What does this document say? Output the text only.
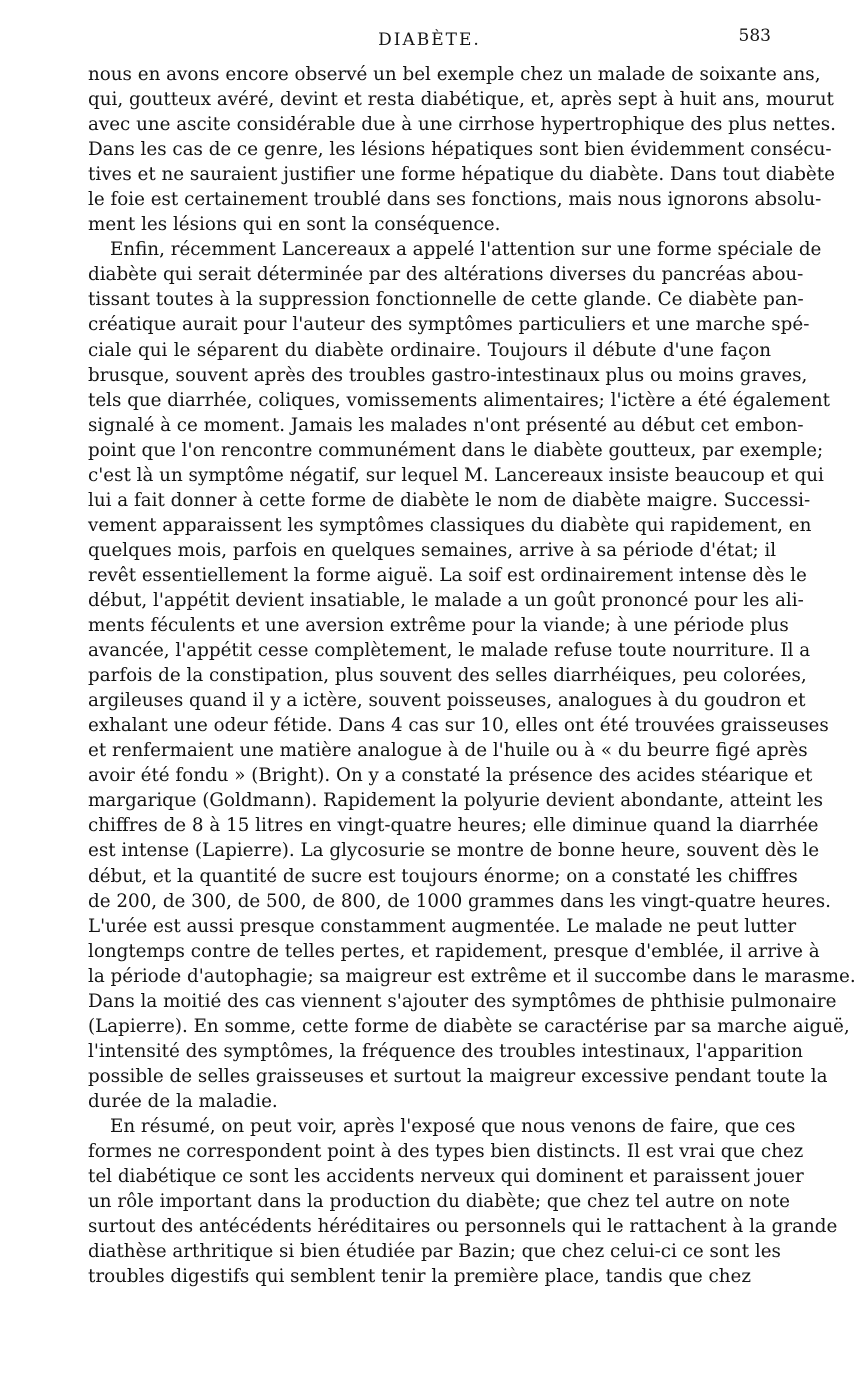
DIABÈTE.	583
nous en avons encore observé un bel exemple chez un malade de soixante ans,
qui, goutteux avéré, devint et resta diabétique, et, après sept à huit ans, mourut
avec une ascite considérable due à une cirrhose hypertrophique des plus nettes.
Dans les cas de ce genre, les lésions hépatiques sont bien évidemment consécu-
tives et ne sauraient justifier une forme hépatique du diabète. Dans tout diabète
le foie est certainement troublé dans ses fonctions, mais nous ignorons absolu-
ment les lésions qui en sont la conséquence.
Enfin, récemment Lancereaux a appelé l'attention sur une forme spéciale de
diabète qui serait déterminée par des altérations diverses du pancréas abou-
tissant toutes à la suppression fonctionnelle de cette glande. Ce diabète pan-
créatique aurait pour l'auteur des symptômes particuliers et une marche spé-
ciale qui le séparent du diabète ordinaire. Toujours il débute d'une façon
brusque, souvent après des troubles gastro-intestinaux plus ou moins graves,
tels que diarrhée, coliques, vomissements alimentaires; l'ictère a été également
signalé à ce moment. Jamais les malades n'ont présenté au début cet embon-
point que l'on rencontre communément dans le diabète goutteux, par exemple;
c'est là un symptôme négatif, sur lequel M. Lancereaux insiste beaucoup et qui
lui a fait donner à cette forme de diabète le nom de diabète maigre. Successi-
vement apparaissent les symptômes classiques du diabète qui rapidement, en
quelques mois, parfois en quelques semaines, arrive à sa période d'état; il
revêt essentiellement la forme aiguë. La soif est ordinairement intense dès le
début, l'appétit devient insatiable, le malade a un goût prononcé pour les ali-
ments féculents et une aversion extrême pour la viande; à une période plus
avancée, l'appétit cesse complètement, le malade refuse toute nourriture. Il a
parfois de la constipation, plus souvent des selles diarrhéiques, peu colorées,
argileuses quand il y a ictère, souvent poisseuses, analogues à du goudron et
exhalant une odeur fétide. Dans 4 cas sur 10, elles ont été trouvées graisseuses
et renfermaient une matière analogue à de l'huile ou à « du beurre figé après
avoir été fondu » (Bright). On y a constaté la présence des acides stéarique et
margarique (Goldmann). Rapidement la polyurie devient abondante, atteint les
chiffres de 8 à 15 litres en vingt-quatre heures; elle diminue quand la diarrhée
est intense (Lapierre). La glycosurie se montre de bonne heure, souvent dès le
début, et la quantité de sucre est toujours énorme; on a constaté les chiffres
de 200, de 300, de 500, de 800, de 1000 grammes dans les vingt-quatre heures.
L'urée est aussi presque constamment augmentée. Le malade ne peut lutter
longtemps contre de telles pertes, et rapidement, presque d'emblée, il arrive à
la période d'autophagie; sa maigreur est extrême et il succombe dans le marasme.
Dans la moitié des cas viennent s'ajouter des symptômes de phthisie pulmonaire
(Lapierre). En somme, cette forme de diabète se caractérise par sa marche aiguë,
l'intensité des symptômes, la fréquence des troubles intestinaux, l'apparition
possible de selles graisseuses et surtout la maigreur excessive pendant toute la
durée de la maladie.
En résumé, on peut voir, après l'exposé que nous venons de faire, que ces
formes ne correspondent point à des types bien distincts. Il est vrai que chez
tel diabétique ce sont les accidents nerveux qui dominent et paraissent jouer
un rôle important dans la production du diabète; que chez tel autre on note
surtout des antécédents héréditaires ou personnels qui le rattachent à la grande
diathèse arthritique si bien étudiée par Bazin; que chez celui-ci ce sont les
troubles digestifs qui semblent tenir la première place, tandis que chez
